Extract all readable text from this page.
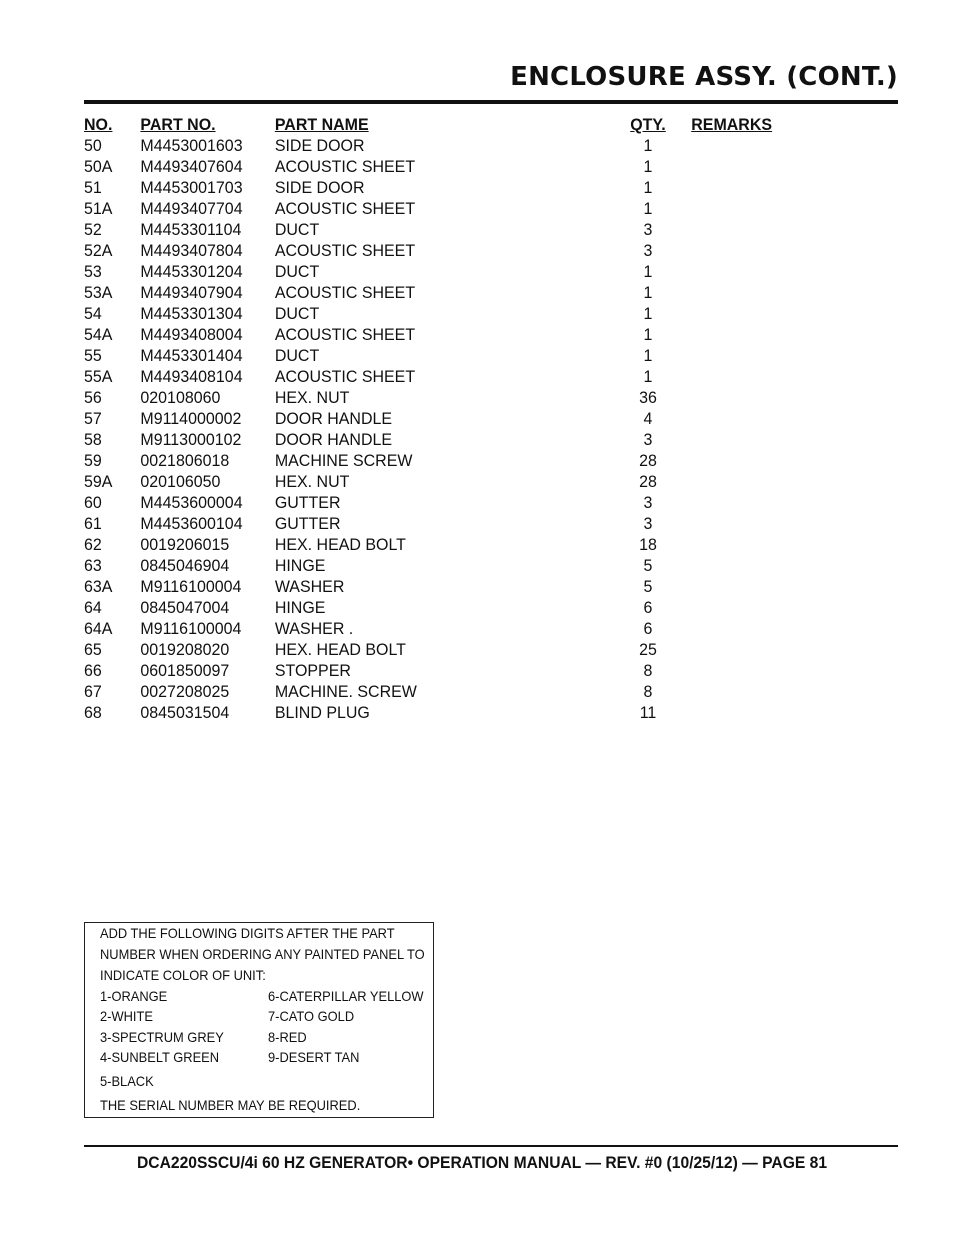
ENCLOSURE ASSY. (CONT.)
NO. PART NO.	PART NAME	QTY.	REMARKS
50 M4453001603 SIDE DOOR	1
50A M4493407604 ACOUSTIC SHEET	1
51 M4453001703 SIDE DOOR	1
51A M4493407704 ACOUSTIC SHEET	1
52 M4453301104 DUCT	3
52A M4493407804 ACOUSTIC SHEET	3
53 M4453301204 DUCT	1
53A M4493407904 ACOUSTIC SHEET	1
54 M4453301304 DUCT	1
54A M4493408004 ACOUSTIC SHEET	1
55 M4453301404 DUCT	1
55A M4493408104 ACOUSTIC SHEET	1
56 020108060	HEX. NUT	36
57 M9114000002 DOOR HANDLE	4
58 M9113000102 DOOR HANDLE	3
59 0021806018	MACHINE SCREW	28
59A 020106050	HEX. NUT	28
60 M4453600004 GUTTER	3
61 M4453600104 GUTTER	3
62 0019206015	HEX. HEAD BOLT	18
63 0845046904	HINGE	5
63A M9116100004 WASHER	5
64 0845047004	HINGE	6
64A M9116100004 WASHER .	6
65 0019208020	HEX. HEAD BOLT	25
66 0601850097	STOPPER	8
67 0027208025	MACHINE. SCREW	8
68 0845031504	BLIND PLUG	11
ADD THE FOLLOWING DIGITS AFTER THE PART
NUMBER WHEN ORDERING ANY PAINTED PANEL TO
INDICATE COLOR OF UNIT:
1-ORANGE	6-CATERPILLAR YELLOW
2-WHITE	7-CATO GOLD
3-SPECTRUM GREY	8-RED
4-SUNBELT GREEN	9-DESERT TAN
5-BLACK
THE SERIAL NUMBER MAY BE REQUIRED.
DCA220SSCU/4i 60 HZ GENERATOR• OPERATION MANUAL — REV. #0 (10/25/12) — PAGE 81
